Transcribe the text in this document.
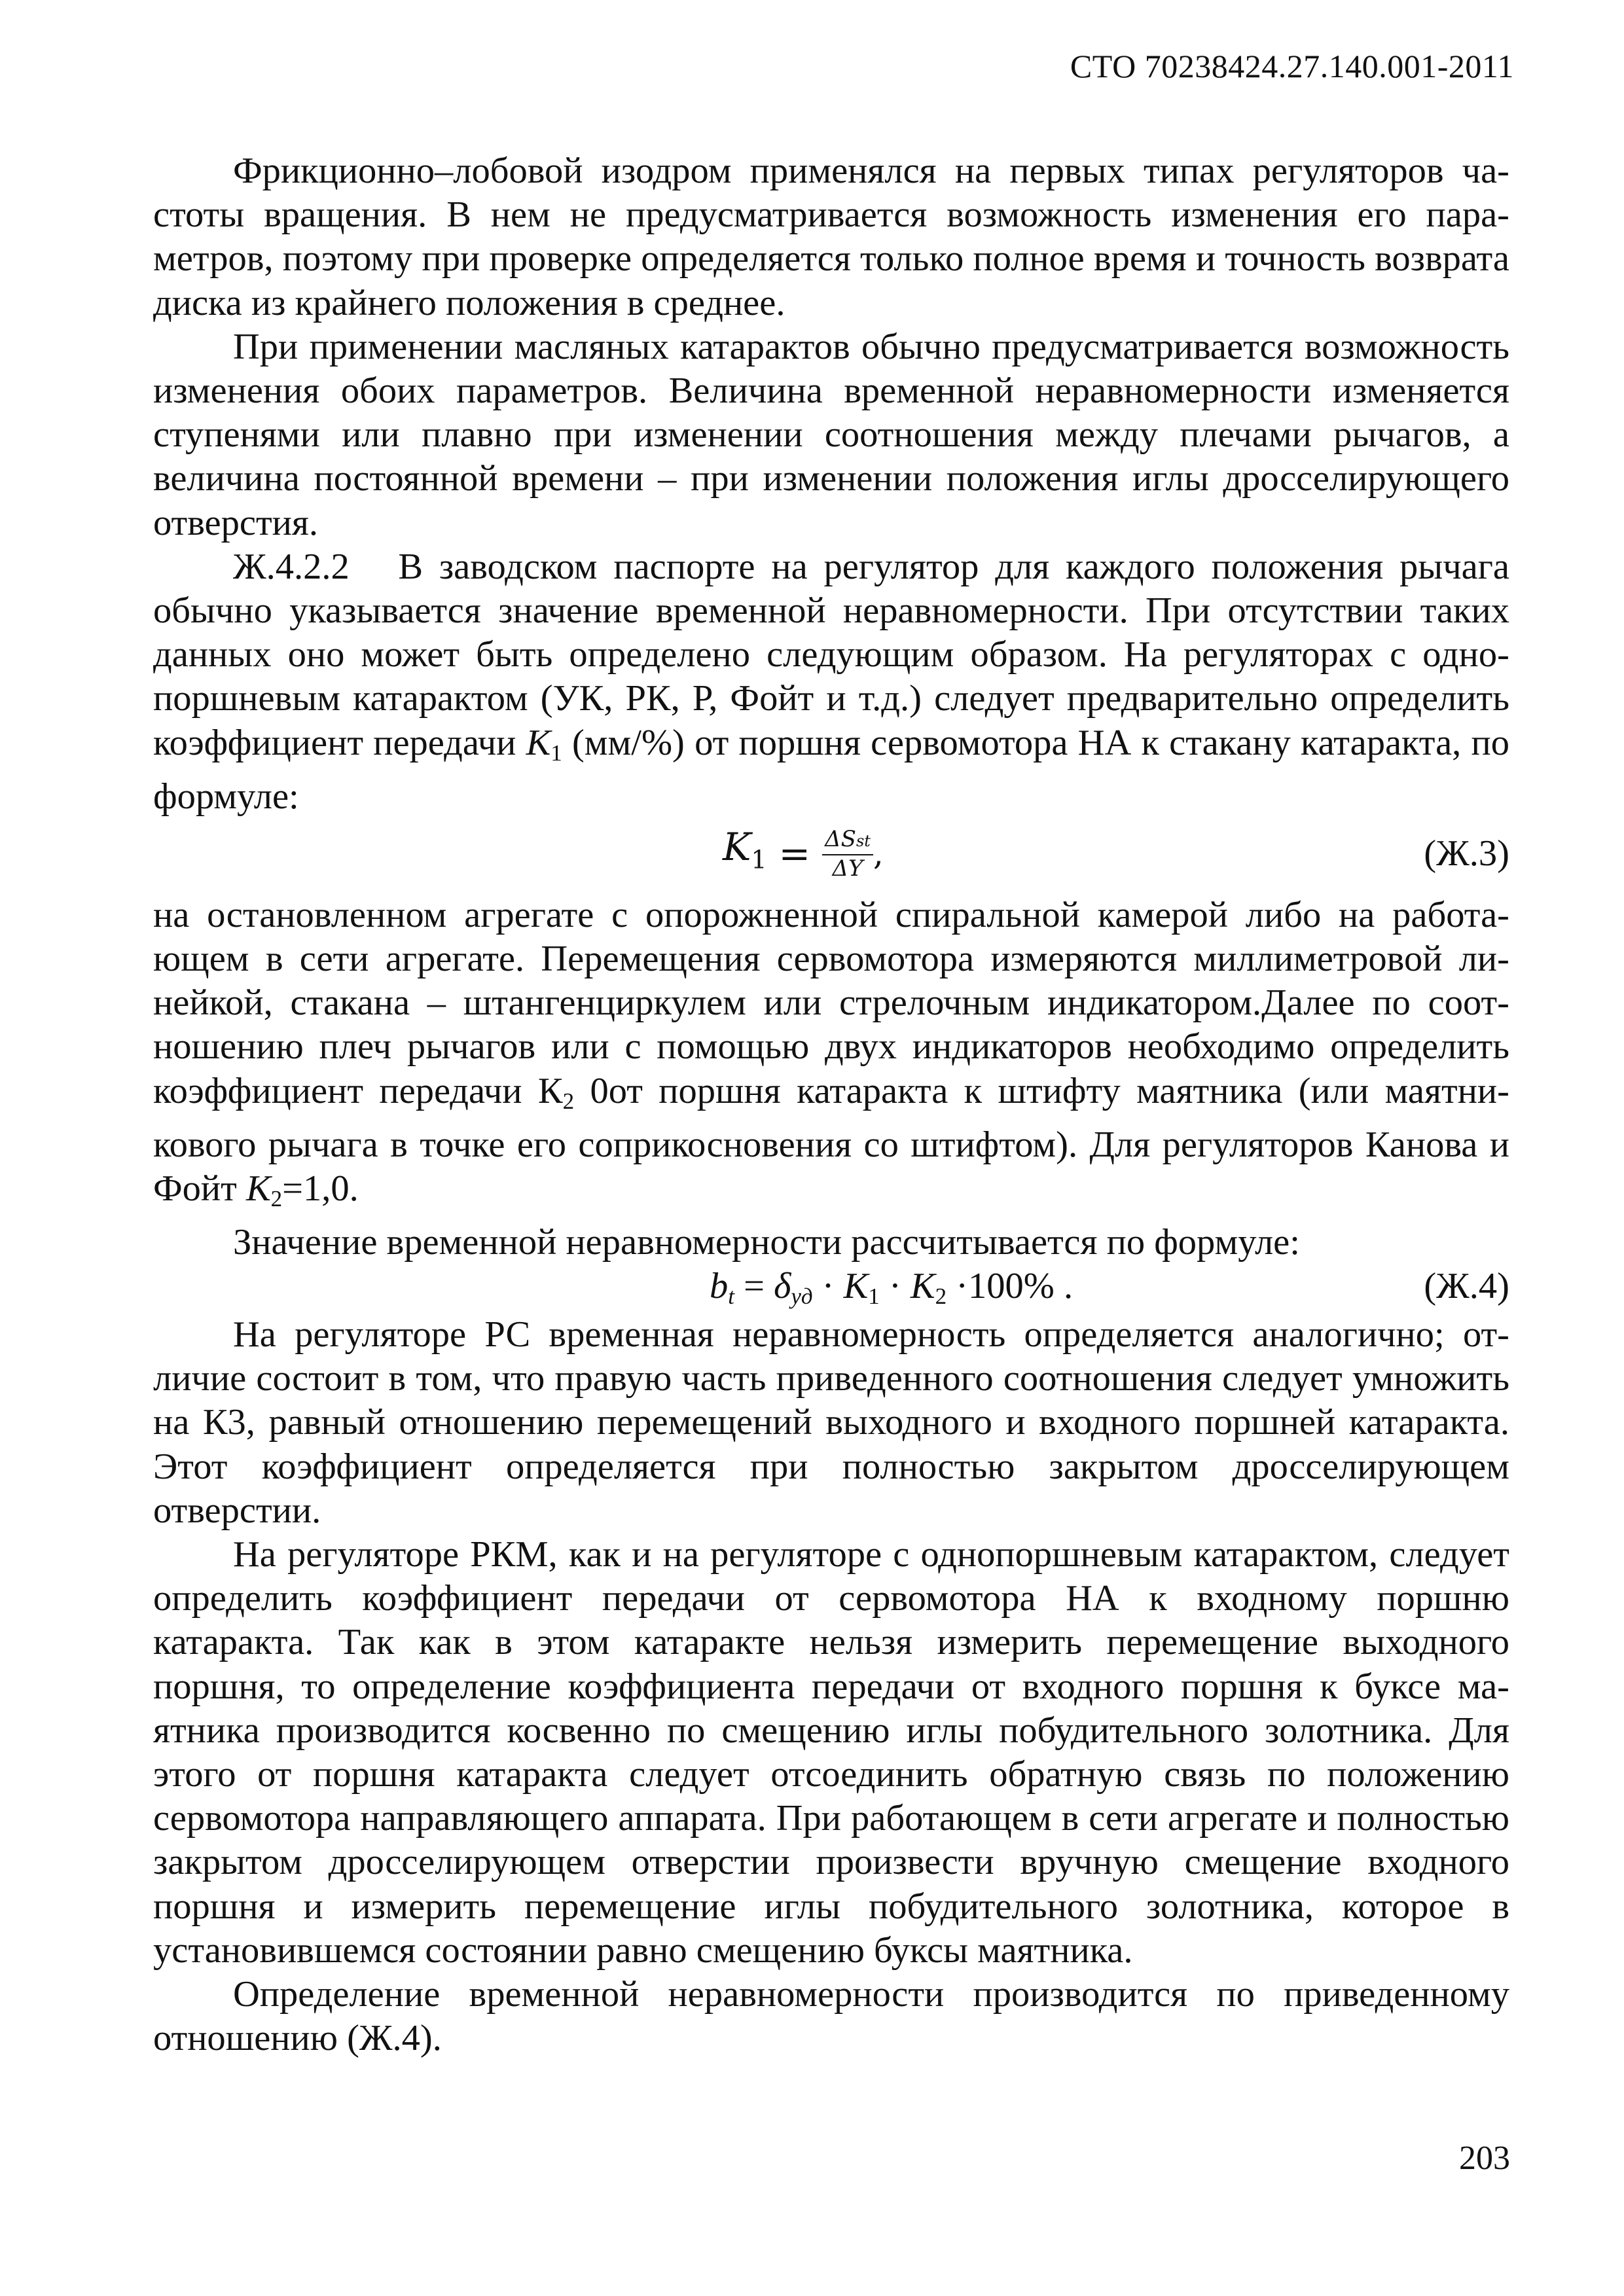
СТО 70238424.27.140.001-2011

Фрикционно–лобовой изодром применялся на первых типах регуляторов частоты вращения. В нем не предусматривается возможность изменения его параметров, поэтому при проверке определяется только полное время и точность возврата диска из крайнего положения в среднее.

При применении масляных катарактов обычно предусматривается возможность изменения обоих параметров. Величина временной неравномерности изменяется ступенями или плавно при изменении соотношения между плечами рычагов, а величина постоянной времени – при изменении положения иглы дросселирующего отверстия.

Ж.4.2.2 В заводском паспорте на регулятор для каждого положения рычага обычно указывается значение временной неравномерности. При отсутствии таких данных оно может быть определено следующим образом. На регуляторах с однопоршневым катарактом (УК, РК, Р, Фойт и т.д.) следует предварительно определить коэффициент передачи $K_1$ (мм/%) от поршня сервомотора НА к стакану катаракта, по формуле:

$K_1 = \frac{\text{ΔSst}}{\Delta Y}$ ,	(Ж.3)

на остановленном агрегате с опорожненной спиральной камерой либо на работающем в сети агрегате. Перемещения сервомотора измеряются миллиметровой линейкой, стакана – штангенциркулем или стрелочным индикатором.Далее по соотношению плеч рычагов или с помощью двух индикаторов необходимо определить коэффициент передачи $К_2$ 0от поршня катаракта к штифту маятника (или маятникового рычага в точке его соприкосновения со штифтом). Для регуляторов Канова и Фойт $K_2=1,0$.

Значение временной неравномерности рассчитывается по формуле:

$b_t = \delta_{уд} \cdot K_1 \cdot K_2 \cdot 100\%$ .	(Ж.4)

На регуляторе РС временная неравномерность определяется аналогично; отличие состоит в том, что правую часть приведенного соотношения следует умножить на К3, равный отношению перемещений выходного и входного поршней катаракта. Этот коэффициент определяется при полностью закрытом дросселирующем отверстии.

На регуляторе РКМ, как и на регуляторе с однопоршневым катарактом, следует определить коэффициент передачи от сервомотора НА к входному поршню катаракта. Так как в этом катаракте нельзя измерить перемещение выходного поршня, то определение коэффициента передачи от входного поршня к буксе маятника производится косвенно по смещению иглы побудительного золотника. Для этого от поршня катаракта следует отсоединить обратную связь по положению сервомотора направляющего аппарата. При работающем в сети агрегате и полностью закрытом дросселирующем отверстии произвести вручную смещение входного поршня и измерить перемещение иглы побудительного золотника, которое в установившемся состоянии равно смещению буксы маятника.

Определение временной неравномерности производится по приведенному отношению (Ж.4).

203
